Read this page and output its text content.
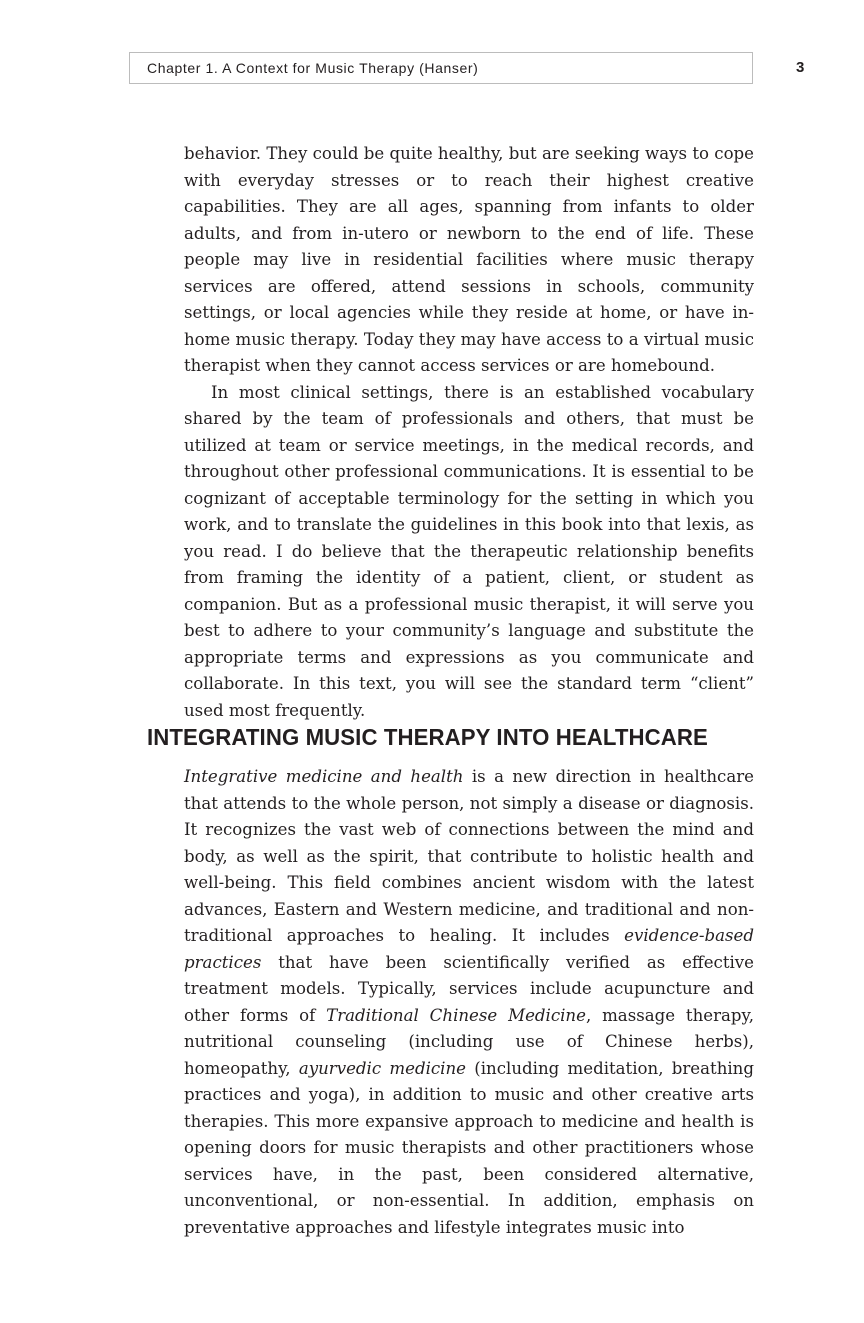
Chapter 1. A Context for Music Therapy (Hanser)	3

behavior. They could be quite healthy, but are seeking ways to cope with everyday stresses or to reach their highest creative capabilities. They are all ages, spanning from infants to older adults, and from in-utero or newborn to the end of life. These people may live in residential facilities where music therapy services are offered, attend sessions in schools, community settings, or local agencies while they reside at home, or have in-home music therapy. Today they may have access to a virtual music therapist when they cannot access services or are homebound.

In most clinical settings, there is an established vocabulary shared by the team of professionals and others, that must be utilized at team or service meetings, in the medical records, and throughout other professional communications. It is essential to be cognizant of acceptable terminology for the setting in which you work, and to translate the guidelines in this book into that lexis, as you read. I do believe that the therapeutic relationship benefits from framing the identity of a patient, client, or student as companion. But as a professional music therapist, it will serve you best to adhere to your community’s language and substitute the appropriate terms and expressions as you communicate and collaborate. In this text, you will see the standard term “client” used most frequently.

INTEGRATING MUSIC THERAPY INTO HEALTHCARE

Integrative medicine and health is a new direction in healthcare that attends to the whole person, not simply a disease or diagnosis. It recognizes the vast web of connections between the mind and body, as well as the spirit, that contribute to holistic health and well-being. This field combines ancient wisdom with the latest advances, Eastern and Western medicine, and traditional and non-traditional approaches to healing. It includes evidence-based practices that have been scientifically verified as effective treatment models. Typically, services include acupuncture and other forms of Traditional Chinese Medicine, massage therapy, nutritional counseling (including use of Chinese herbs), homeopathy, ayurvedic medicine (including meditation, breathing practices and yoga), in addition to music and other creative arts therapies. This more expansive approach to medicine and health is opening doors for music therapists and other practitioners whose services have, in the past, been considered alternative, unconventional, or non-essential. In addition, emphasis on preventative approaches and lifestyle integrates music into
